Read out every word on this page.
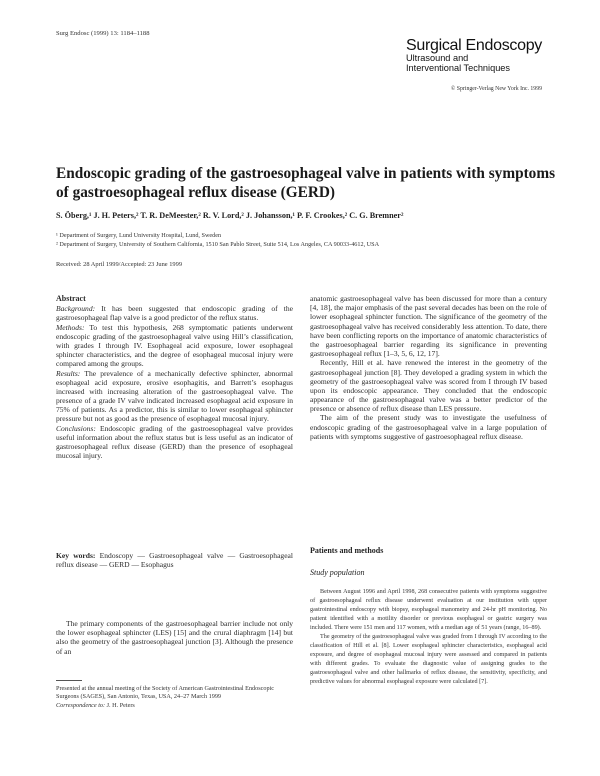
Surg Endosc (1999) 13: 1184–1188
Surgical Endoscopy
Ultrasound and
Interventional Techniques
© Springer-Verlag New York Inc. 1999
Endoscopic grading of the gastroesophageal valve in patients with symptoms of gastroesophageal reflux disease (GERD)
S. Öberg,¹ J. H. Peters,² T. R. DeMeester,² R. V. Lord,² J. Johansson,¹ P. F. Crookes,² C. G. Bremner²
¹ Department of Surgery, Lund University Hospital, Lund, Sweden
² Department of Surgery, University of Southern California, 1510 San Pablo Street, Suite 514, Los Angeles, CA 90033-4612, USA
Received: 28 April 1999/Accepted: 23 June 1999
Abstract

Background: It has been suggested that endoscopic grading of the gastroesophageal flap valve is a good predictor of the reflux status.

Methods: To test this hypothesis, 268 symptomatic patients underwent endoscopic grading of the gastroesophageal valve using Hill’s classification, with grades I through IV. Esophageal acid exposure, lower esophageal sphincter characteristics, and the degree of esophageal mucosal injury were compared among the groups.

Results: The prevalence of a mechanically defective sphincter, abnormal esophageal acid exposure, erosive esophagitis, and Barrett’s esophagus increased with increasing alteration of the gastroesophageal valve. The presence of a grade IV valve indicated increased esophageal acid exposure in 75% of patients. As a predictor, this is similar to lower esophageal sphincter pressure but not as good as the presence of esophageal mucosal injury.

Conclusions: Endoscopic grading of the gastroesophageal valve provides useful information about the reflux status but is less useful as an indicator of gastroesophageal reflux disease (GERD) than the presence of esophageal mucosal injury.

Key words: Endoscopy — Gastroesophageal valve — Gastroesophageal reflux disease — GERD — Esophagus
The primary components of the gastroesophageal barrier include not only the lower esophageal sphincter (LES) [15] and the crural diaphragm [14] but also the geometry of the gastroesophageal junction [3]. Although the presence of an

Presented at the annual meeting of the Society of American Gastrointestinal Endoscopic Surgeons (SAGES), San Antonio, Texas, USA, 24–27 March 1999

Correspondence to: J. H. Peters

anatomic gastroesophageal valve has been discussed for more than a century [4, 18], the major emphasis of the past several decades has been on the role of lower esophageal sphincter function. The significance of the geometry of the gastroesophageal valve has received considerably less attention. To date, there have been conflicting reports on the importance of anatomic characteristics of the gastroesophageal barrier regarding its significance in preventing gastroesophageal reflux [1–3, 5, 6, 12, 17].

Recently, Hill et al. have renewed the interest in the geometry of the gastroesophageal junction [8]. They developed a grading system in which the geometry of the gastroesophageal valve was scored from I through IV based upon its endoscopic appearance. They concluded that the endoscopic appearance of the gastroesophageal valve was a better predictor of the presence or absence of reflux disease than LES pressure.

The aim of the present study was to investigate the usefulness of endoscopic grading of the gastroesophageal valve in a large population of patients with symptoms suggestive of gastroesophageal reflux disease.

Patients and methods
Study population

Between August 1996 and April 1998, 268 consecutive patients with symptoms suggestive of gastroesophageal reflux disease underwent evaluation at our institution with upper gastrointestinal endoscopy with biopsy, esophageal manometry and 24-hr pH monitoring. No patient identified with a motility disorder or previous esophageal or gastric surgery was included. There were 151 men and 117 women, with a median age of 51 years (range, 16–89).

The geometry of the gastroesophageal valve was graded from I through IV according to the classification of Hill et al. [8]. Lower esophageal sphincter characteristics, esophageal acid exposure, and degree of esophageal mucosal injury were assessed and compared in patients with different grades. To evaluate the diagnostic value of assigning grades to the gastroesophageal valve and other hallmarks of reflux disease, the sensitivity, specificity, and predictive values for abnormal esophageal exposure were calculated [7].
